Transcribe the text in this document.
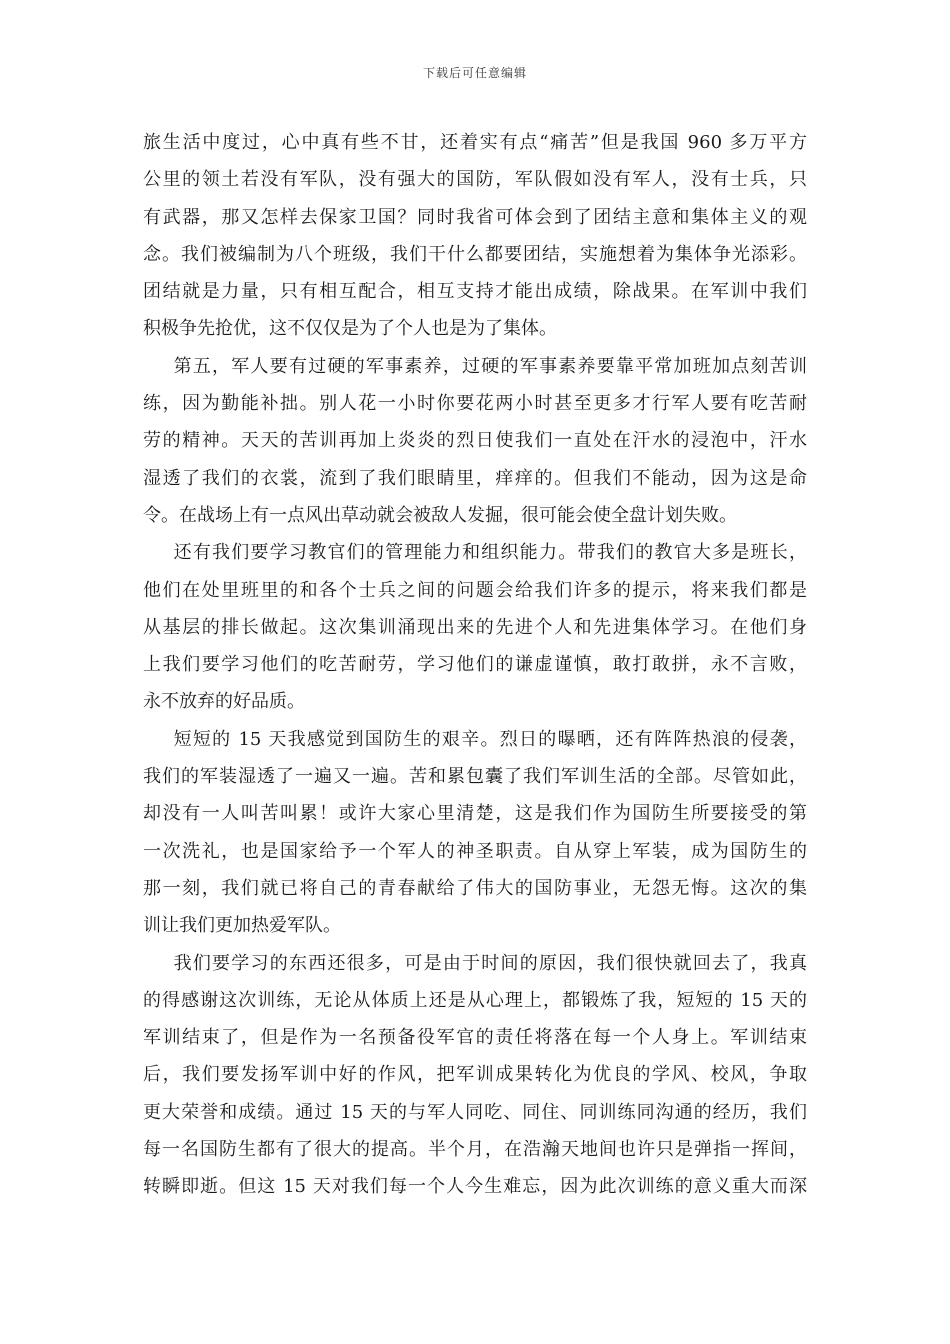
下载后可任意编辑

旅生活中度过，心中真有些不甘，还着实有点“痛苦”但是我国 960 多万平方
公里的领土若没有军队，没有强大的国防，军队假如没有军人，没有士兵，只
有武器，那又怎样去保家卫国？同时我省可体会到了团结主意和集体主义的观
念。我们被编制为八个班级，我们干什么都要团结，实施想着为集体争光添彩。
团结就是力量，只有相互配合，相互支持才能出成绩，除战果。在军训中我们
积极争先抢优，这不仅仅是为了个人也是为了集体。

第五，军人要有过硬的军事素养，过硬的军事素养要靠平常加班加点刻苦训
练，因为勤能补拙。别人花一小时你要花两小时甚至更多才行军人要有吃苦耐
劳的精神。天天的苦训再加上炎炎的烈日使我们一直处在汗水的浸泡中，汗水
湿透了我们的衣裳，流到了我们眼睛里，痒痒的。但我们不能动，因为这是命
令。在战场上有一点风出草动就会被敌人发掘，很可能会使全盘计划失败。

还有我们要学习教官们的管理能力和组织能力。带我们的教官大多是班长，
他们在处里班里的和各个士兵之间的问题会给我们许多的提示，将来我们都是
从基层的排长做起。这次集训涌现出来的先进个人和先进集体学习。在他们身
上我们要学习他们的吃苦耐劳，学习他们的谦虚谨慎，敢打敢拼，永不言败，
永不放弃的好品质。

短短的 15 天我感觉到国防生的艰辛。烈日的曝晒，还有阵阵热浪的侵袭，
我们的军装湿透了一遍又一遍。苦和累包囊了我们军训生活的全部。尽管如此，
却没有一人叫苦叫累！或许大家心里清楚，这是我们作为国防生所要接受的第
一次洗礼，也是国家给予一个军人的神圣职责。自从穿上军装，成为国防生的
那一刻，我们就已将自己的青春献给了伟大的国防事业，无怨无悔。这次的集
训让我们更加热爱军队。

我们要学习的东西还很多，可是由于时间的原因，我们很快就回去了，我真
的得感谢这次训练，无论从体质上还是从心理上，都锻炼了我，短短的 15 天的
军训结束了，但是作为一名预备役军官的责任将落在每一个人身上。军训结束
后，我们要发扬军训中好的作风，把军训成果转化为优良的学风、校风，争取
更大荣誉和成绩。通过 15 天的与军人同吃、同住、同训练同沟通的经历，我们
每一名国防生都有了很大的提高。半个月，在浩瀚天地间也许只是弹指一挥间，
转瞬即逝。但这 15 天对我们每一个人今生难忘，因为此次训练的意义重大而深
